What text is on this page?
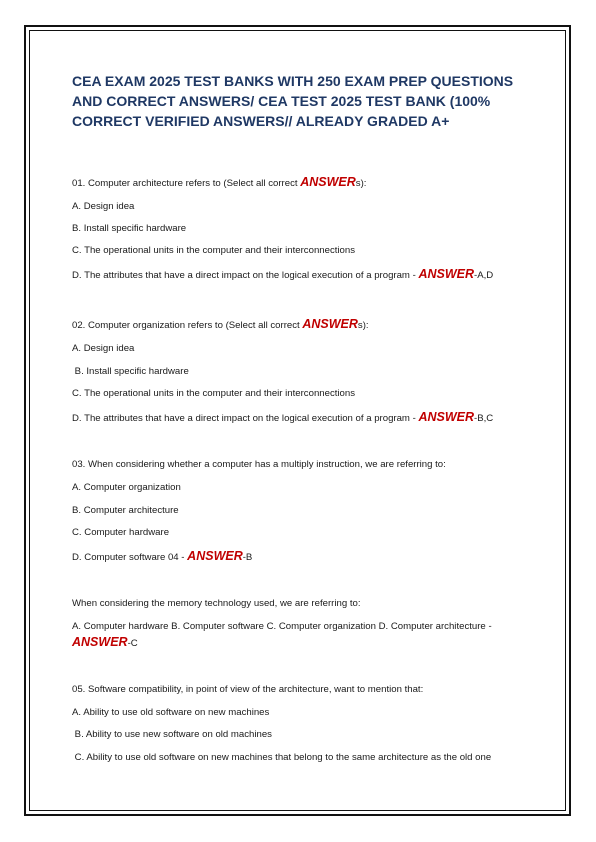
CEA EXAM 2025 TEST BANKS WITH 250 EXAM PREP QUESTIONS AND CORRECT ANSWERS/ CEA TEST 2025 TEST BANK (100% CORRECT VERIFIED ANSWERS// ALREADY GRADED A+
01. Computer architecture refers to (Select all correct ANSWERs):
A. Design idea
B. Install specific hardware
C. The operational units in the computer and their interconnections
D. The attributes that have a direct impact on the logical execution of a program - ANSWER-A,D
02. Computer organization refers to (Select all correct ANSWERs):
A. Design idea
B. Install specific hardware
C. The operational units in the computer and their interconnections
D. The attributes that have a direct impact on the logical execution of a program - ANSWER-B,C
03. When considering whether a computer has a multiply instruction, we are referring to:
A. Computer organization
B. Computer architecture
C. Computer hardware
D. Computer software 04 - ANSWER-B
When considering the memory technology used, we are referring to:
A. Computer hardware B. Computer software C. Computer organization D. Computer architecture -
ANSWER-C
05. Software compatibility, in point of view of the architecture, want to mention that:
A. Ability to use old software on new machines
B. Ability to use new software on old machines
C. Ability to use old software on new machines that belong to the same architecture as the old one
